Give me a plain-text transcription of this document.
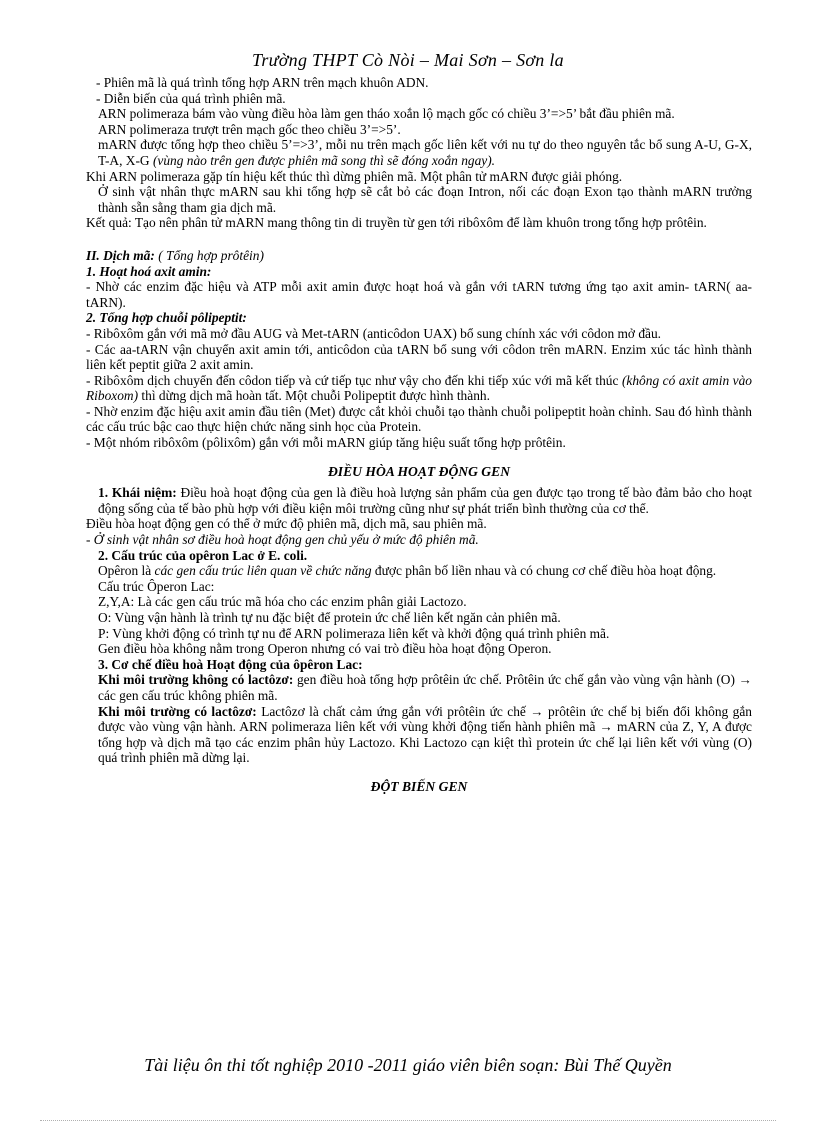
Trường THPT Cò Nòi – Mai Sơn – Sơn la

- Phiên mã là quá trình tổng hợp ARN trên mạch khuôn ADN.

- Diễn biến của quá trình phiên mã.

ARN polimeraza bám vào vùng điều hòa làm gen tháo xoắn lộ mạch gốc có chiều 3’=>5’ bắt đầu phiên mã.

ARN polimeraza trượt trên mạch gốc theo chiều 3’=>5’.

mARN được tổng hợp theo chiều 5’=>3’, mỗi nu trên mạch gốc liên kết với nu tự do theo nguyên tắc bổ sung A-U, G-X, T-A, X-G (vùng nào trên gen được phiên mã song thì sẽ đóng xoắn ngay).

Khi ARN polimeraza gặp tín hiệu kết thúc thì dừng phiên mã. Một phân tử mARN được giải phóng.

Ở sinh vật nhân thực mARN sau khi tổng hợp sẽ cắt bỏ các đoạn Intron, nối các đoạn Exon tạo thành mARN trưởng thành sẵn sằng tham gia dịch mã.

Kết quả: Tạo nên phân tử mARN mang thông tin di truyền từ gen tới ribôxôm để làm khuôn trong tổng hợp prôtêin.

II. Dịch mã: ( Tổng hợp prôtêin)

1. Hoạt hoá axit amin:

- Nhờ các enzim đặc hiệu và ATP mỗi axit amin được hoạt hoá và gắn với tARN tương ứng tạo axit amin- tARN( aa- tARN).

2. Tổng hợp chuỗi pôlipeptit:

- Ribôxôm gắn với mã mở đầu AUG và Met-tARN (anticôdon UAX) bổ sung chính xác với côdon mở đầu.

- Các aa-tARN vận chuyển axit amin tới, anticôdon của tARN bổ sung với côdon trên mARN. Enzim xúc tác hình thành liên kết peptit giữa 2 axit amin.

- Ribôxôm dịch chuyển đến côdon tiếp và cứ tiếp tục như vậy cho đến khi tiếp xúc với mã kết thúc (không có axit amin vào Riboxom) thì dừng dịch mã hoàn tất. Một chuỗi Polipeptit được hình thành.

- Nhờ enzim đặc hiệu axit amin đầu tiên (Met) được cắt khỏi chuỗi tạo thành chuỗi polipeptit hoàn chỉnh. Sau đó hình thành các cấu trúc bậc cao thực hiện chức năng sinh học của Protein.

- Một nhóm ribôxôm (pôlixôm) gắn với mỗi mARN giúp tăng hiệu suất tổng hợp prôtêin.

ĐIỀU HÒA HOẠT ĐỘNG GEN

1. Khái niệm: Điều hoà hoạt động của gen là điều hoà lượng sản phẩm của gen được tạo trong tế bào đảm bảo cho hoạt động sống của tế bào phù hợp với điều kiện môi trường cũng như sự phát triển bình thường của cơ thể.

Điều hòa hoạt động gen có thể ở mức độ phiên mã, dịch mã, sau phiên mã.

- Ở sinh vật nhân sơ điều hoà hoạt động gen chủ yếu ở mức độ phiên mã.

2. Cấu trúc của opêron Lac ở E. coli.

Opêron là các gen cấu trúc liên quan về chức năng được phân bố liền nhau và có chung cơ chế điều hòa hoạt động.

Cấu trúc Ôperon Lac:

Z,Y,A: Là các gen cấu trúc mã hóa cho các enzim phân giải Lactozo.

O: Vùng vận hành là trình tự nu đặc biệt để protein ức chế liên kết ngăn cản phiên mã.

P: Vùng khởi động có trình tự nu để ARN polimeraza liên kết và khởi động quá trình phiên mã.

Gen điều hòa không nằm trong Operon nhưng có vai trò điều hòa hoạt động Operon.

3. Cơ chế điều hoà Hoạt động của ôpêron Lac:

Khi môi trường không có lactôzơ: gen điều hoà tổng hợp prôtêin ức chế. Prôtêin ức chế gắn vào vùng vận hành (O) → các gen cấu trúc không phiên mã.

Khi môi trường có lactôzơ: Lactôzơ là chất cảm ứng gắn với prôtêin ức chế → prôtêin ức chế bị biến đổi không gắn được vào vùng vận hành. ARN polimeraza liên kết với vùng khởi động tiến hành phiên mã → mARN của Z, Y, A được tổng hợp và dịch mã tạo các enzim phân hủy Lactozo. Khi Lactozo cạn kiệt thì protein ức chế lại liên kết với vùng (O) quá trình phiên mã dừng lại.

ĐỘT BIẾN GEN
Tài liệu ôn thi tốt nghiệp 2010 -2011 giáo viên biên soạn: Bùi Thế Quyền
